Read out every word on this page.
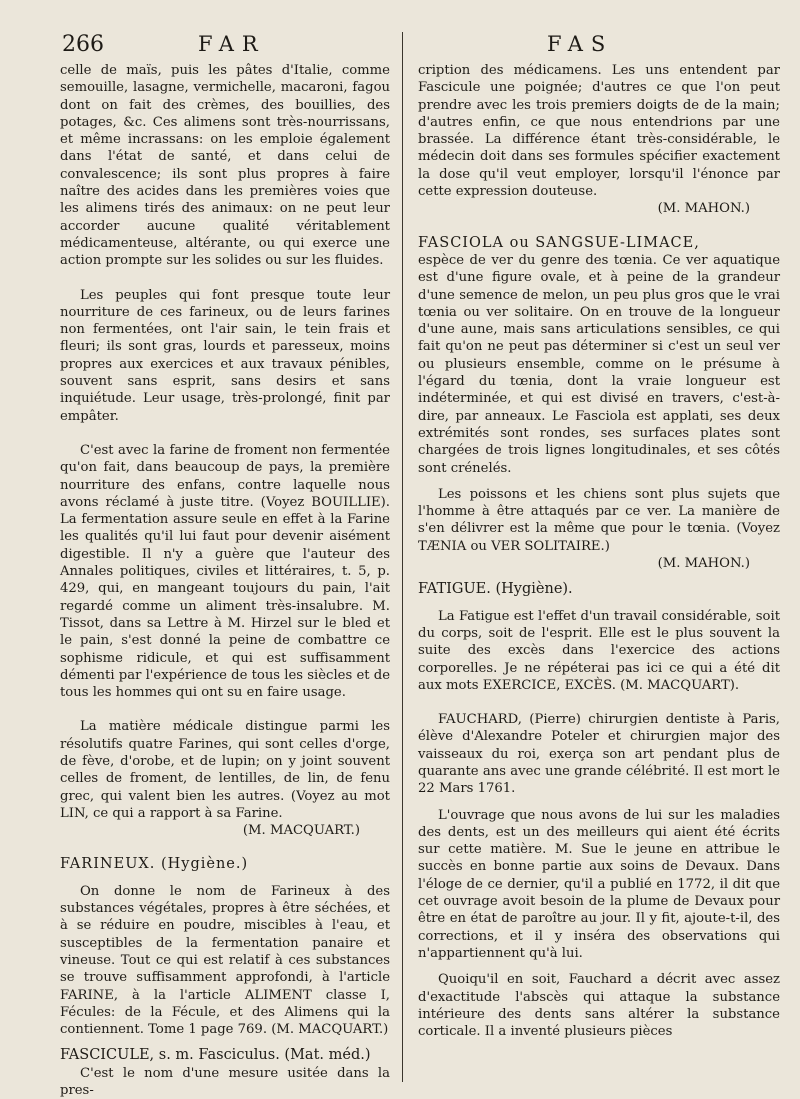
266	FAR	FAS

celle de maïs, puis les pâtes d'Italie, comme semouille, lasagne, vermichelle, macaroni, fagou dont on fait des crèmes, des bouillies, des potages, &c. Ces alimens sont très-nourrissans, et même incrassans: on les emploie également dans l'état de santé, et dans celui de convalescence; ils sont plus propres à faire naître des acides dans les premières voies que les alimens tirés des animaux: on ne peut leur accorder aucune qualité véritablement médicamenteuse, altérante, ou qui exerce une action prompte sur les solides ou sur les fluides.

Les peuples qui font presque toute leur nourriture de ces farineux, ou de leurs farines non fermentées, ont l'air sain, le tein frais et fleuri; ils sont gras, lourds et paresseux, moins propres aux exercices et aux travaux pénibles, souvent sans esprit, sans desirs et sans inquiétude. Leur usage, très-prolongé, finit par empâter.

C'est avec la farine de froment non fermentée qu'on fait, dans beaucoup de pays, la première nourriture des enfans, contre laquelle nous avons réclamé à juste titre. (Voyez BOUILLIE). La fermentation assure seule en effet à la Farine les qualités qu'il lui faut pour devenir aisément digestible. Il n'y a guère que l'auteur des Annales politiques, civiles et littéraires, t. 5, p. 429, qui, en mangeant toujours du pain, l'ait regardé comme un aliment très-insalubre. M. Tissot, dans sa Lettre à M. Hirzel sur le bled et le pain, s'est donné la peine de combattre ce sophisme ridicule, et qui est suffisamment démenti par l'expérience de tous les siècles et de tous les hommes qui ont su en faire usage.

La matière médicale distingue parmi les résolutifs quatre Farines, qui sont celles d'orge, de fève, d'orobe, et de lupin; on y joint souvent celles de froment, de lentilles, de lin, de fenu grec, qui valent bien les autres. (Voyez au mot LIN, ce qui a rapport à sa Farine.

(M. MACQUART.)

FARINEUX. (Hygiène.)

On donne le nom de Farineux à des substances végétales, propres à être séchées, et à se réduire en poudre, miscibles à l'eau, et susceptibles de la fermentation panaire et vineuse. Tout ce qui est relatif à ces substances se trouve suffisamment approfondi, à l'article FARINE, à la l'article ALIMENT classe I, Fécules: de la Fécule, et des Alimens qui la contiennent. Tome 1 page 769. (M. MACQUART.)

FASCICULE, s. m. Fasciculus. (Mat. méd.)

C'est le nom d'une mesure usitée dans la pres-

cription des médicamens. Les uns entendent par Fascicule une poignée; d'autres ce que l'on peut prendre avec les trois premiers doigts de de la main; d'autres enfin, ce que nous entendrions par une brassée. La différence étant très-considérable, le médecin doit dans ses formules spécifier exactement la dose qu'il veut employer, lorsqu'il l'énonce par cette expression douteuse.

(M. MAHON.)

FASCIOLA ou SANGSUE-LIMACE,

espèce de ver du genre des tœnia. Ce ver aquatique est d'une figure ovale, et à peine de la grandeur d'une semence de melon, un peu plus gros que le vrai tœnia ou ver solitaire. On en trouve de la longueur d'une aune, mais sans articulations sensibles, ce qui fait qu'on ne peut pas déterminer si c'est un seul ver ou plusieurs ensemble, comme on le présume à l'égard du tœnia, dont la vraie longueur est indéterminée, et qui est divisé en travers, c'est-à-dire, par anneaux. Le Fasciola est applati, ses deux extrémités sont rondes, ses surfaces plates sont chargées de trois lignes longitudinales, et ses côtés sont crénelés.

Les poissons et les chiens sont plus sujets que l'homme à être attaqués par ce ver. La manière de s'en délivrer est la même que pour le tœnia. (Voyez TÆNIA ou VER SOLITAIRE.)

(M. MAHON.)

FATIGUE. (Hygiène).

La Fatigue est l'effet d'un travail considérable, soit du corps, soit de l'esprit. Elle est le plus souvent la suite des excès dans l'exercice des actions corporelles. Je ne répéterai pas ici ce qui a été dit aux mots EXERCICE, EXCÈS. (M. MACQUART).

FAUCHARD, (Pierre) chirurgien dentiste à Paris, élève d'Alexandre Poteler et chirurgien major des vaisseaux du roi, exerça son art pendant plus de quarante ans avec une grande célébrité. Il est mort le 22 Mars 1761.

L'ouvrage que nous avons de lui sur les maladies des dents, est un des meilleurs qui aient été écrits sur cette matière. M. Sue le jeune en attribue le succès en bonne partie aux soins de Devaux. Dans l'éloge de ce dernier, qu'il a publié en 1772, il dit que cet ouvrage avoit besoin de la plume de Devaux pour être en état de paroître au jour. Il y fit, ajoute-t-il, des corrections, et il y inséra des observations qui n'appartiennent qu'à lui.

Quoiqu'il en soit, Fauchard a décrit avec assez d'exactitude l'abscès qui attaque la substance intérieure des dents sans altérer la substance corticale. Il a inventé plusieurs pièces
